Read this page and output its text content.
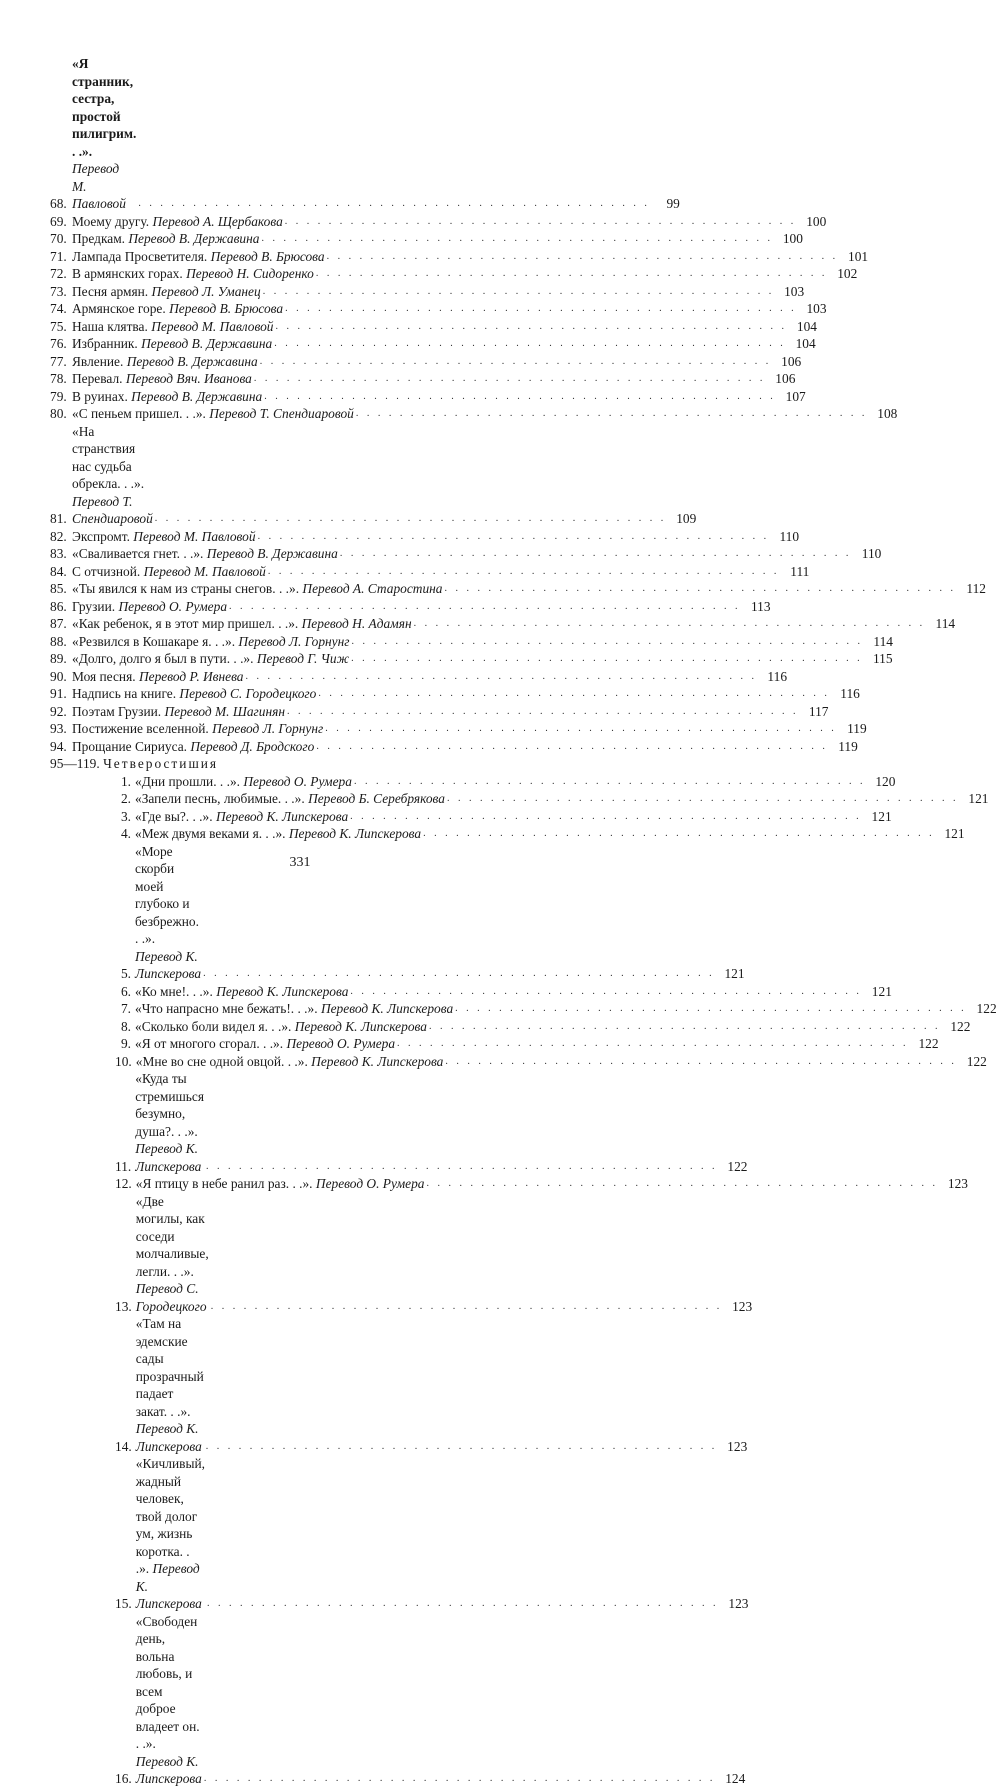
68.
«Я странник, сестра, простой пилигрим. . .». Перевод М. Павловой	. . . . . . . . . . . . . . . . . . . . . . . . . . . . . . . . . . . . . . . . . . . . . . .	99
69. Моему другу. Перевод А. Щербакова . . . . . . . . . . . . . . . . . . . . . . . . . . . . . . . . . . . . . . . . . . . . . . . 100
70. Предкам. Перевод В. Державина . . . . . . . . . . . . . . . . . . . . . . . . . . . . . . . . . . . . . . . . . . . . . . . 100
71. Лампада Просветителя. Перевод В. Брюсова . . . . . . . . . . . . . . . . . . . . . . . . . . . . . . . . . . . . . . . . . . . . . . . 101
72. В армянских горах. Перевод Н. Сидоренко . . . . . . . . . . . . . . . . . . . . . . . . . . . . . . . . . . . . . . . . . . . . . . . 102
73. Песня армян. Перевод Л. Уманец . . . . . . . . . . . . . . . . . . . . . . . . . . . . . . . . . . . . . . . . . . . . . . . 103
74. Армянское горе. Перевод В. Брюсова . . . . . . . . . . . . . . . . . . . . . . . . . . . . . . . . . . . . . . . . . . . . . . . 103
75. Наша клятва. Перевод М. Павловой . . . . . . . . . . . . . . . . . . . . . . . . . . . . . . . . . . . . . . . . . . . . . . . 104
76. Избранник. Перевод В. Державина . . . . . . . . . . . . . . . . . . . . . . . . . . . . . . . . . . . . . . . . . . . . . . . 104
77. Явление. Перевод В. Державина . . . . . . . . . . . . . . . . . . . . . . . . . . . . . . . . . . . . . . . . . . . . . . . 106
78. Перевал. Перевод Вяч. Иванова . . . . . . . . . . . . . . . . . . . . . . . . . . . . . . . . . . . . . . . . . . . . . . . 106
79. В руинах. Перевод В. Державина . . . . . . . . . . . . . . . . . . . . . . . . . . . . . . . . . . . . . . . . . . . . . . . 107
80. «С пеньем пришел. . .». Перевод Т. Спендиаровой . . . . . . . . . . . . . . . . . . . . . . . . . . . . . . . . . . . . . . . . . . . . . . . 108
81.
«На странствия нас судьба обрекла. . .». Перевод Т. Спендиаровой . . . . . . . . . . . . . . . . . . . . . . . . . . . . . . . . . . . . . . . . . . . . . . . 109
82. Экспромт. Перевод М. Павловой . . . . . . . . . . . . . . . . . . . . . . . . . . . . . . . . . . . . . . . . . . . . . . . 110
83. «Сваливается гнет. . .». Перевод В. Державина . . . . . . . . . . . . . . . . . . . . . . . . . . . . . . . . . . . . . . . . . . . . . . . 110
84. С отчизной. Перевод М. Павловой . . . . . . . . . . . . . . . . . . . . . . . . . . . . . . . . . . . . . . . . . . . . . . . 111
85. «Ты явился к нам из страны снегов. . .». Перевод А. Старостина . . . . . . . . . . . . . . . . . . . . . . . . . . . . . . . . . . . . . . . . . . . . . . . 112
86. Грузии. Перевод О. Румера . . . . . . . . . . . . . . . . . . . . . . . . . . . . . . . . . . . . . . . . . . . . . . . 113
87. «Как ребенок, я в этот мир пришел. . .». Перевод Н. Адамян . . . . . . . . . . . . . . . . . . . . . . . . . . . . . . . . . . . . . . . . . . . . . . . 114
88. «Резвился в Кошакаре я. . .». Перевод Л. Горнунг . . . . . . . . . . . . . . . . . . . . . . . . . . . . . . . . . . . . . . . . . . . . . . . 114
89. «Долго, долго я был в пути. . .». Перевод Г. Чиж . . . . . . . . . . . . . . . . . . . . . . . . . . . . . . . . . . . . . . . . . . . . . . . 115
90. Моя песня. Перевод Р. Ивнева . . . . . . . . . . . . . . . . . . . . . . . . . . . . . . . . . . . . . . . . . . . . . . . 116
91. Надпись на книге. Перевод С. Городецкого . . . . . . . . . . . . . . . . . . . . . . . . . . . . . . . . . . . . . . . . . . . . . . . 116
92. Поэтам Грузии. Перевод М. Шагинян . . . . . . . . . . . . . . . . . . . . . . . . . . . . . . . . . . . . . . . . . . . . . . . 117
93. Постижение вселенной. Перевод Л. Горнунг . . . . . . . . . . . . . . . . . . . . . . . . . . . . . . . . . . . . . . . . . . . . . . . 119
94. Прощание Сириуса. Перевод Д. Бродского . . . . . . . . . . . . . . . . . . . . . . . . . . . . . . . . . . . . . . . . . . . . . . . 119
95—119. Четверостишия
1. «Дни прошли. . .». Перевод О. Румера . . . . . . . . . . . . . . . . . . . . . . . . . . . . . . . . . . . . . . . . . . . . . . . 120
2. «Запели песнь, любимые. . .». Перевод Б. Серебрякова . . . . . . . . . . . . . . . . . . . . . . . . . . . . . . . . . . . . . . . . . . . . . . . 121
3. «Где вы?. . .». Перевод К. Липскерова . . . . . . . . . . . . . . . . . . . . . . . . . . . . . . . . . . . . . . . . . . . . . . . 121
4. «Меж двумя веками я. . .». Перевод К. Липскерова . . . . . . . . . . . . . . . . . . . . . . . . . . . . . . . . . . . . . . . . . . . . . . . 121
5.
«Море скорби моей глубоко и безбрежно. . .». Перевод К. Липскерова . . . . . . . . . . . . . . . . . . . . . . . . . . . . . . . . . . . . . . . . . . . . . . . 121
6. «Ко мне!. . .». Перевод К. Липскерова . . . . . . . . . . . . . . . . . . . . . . . . . . . . . . . . . . . . . . . . . . . . . . . 121
7. «Что напрасно мне бежать!. . .». Перевод К. Липскерова . . . . . . . . . . . . . . . . . . . . . . . . . . . . . . . . . . . . . . . . . . . . . . . 122
8. «Сколько боли видел я. . .». Перевод К. Липскерова . . . . . . . . . . . . . . . . . . . . . . . . . . . . . . . . . . . . . . . . . . . . . . . 122
9. «Я от многого сгорал. . .». Перевод О. Румера . . . . . . . . . . . . . . . . . . . . . . . . . . . . . . . . . . . . . . . . . . . . . . . 122
10. «Мне во сне одной овцой. . .». Перевод К. Липскерова . . . . . . . . . . . . . . . . . . . . . . . . . . . . . . . . . . . . . . . . . . . . . . . 122
11.
«Куда ты стремишься безумно, душа?. . .». Перевод К. Липскерова . . . . . . . . . . . . . . . . . . . . . . . . . . . . . . . . . . . . . . . . . . . . . . . 122
12. «Я птицу в небе ранил раз. . .». Перевод О. Румера . . . . . . . . . . . . . . . . . . . . . . . . . . . . . . . . . . . . . . . . . . . . . . . 123
13.
«Две могилы, как соседи молчаливые, легли. . .». Перевод С. Городецкого . . . . . . . . . . . . . . . . . . . . . . . . . . . . . . . . . . . . . . . . . . . . . . . 123
14.
«Там на эдемские сады прозрачный падает закат. . .». Перевод К. Липскерова . . . . . . . . . . . . . . . . . . . . . . . . . . . . . . . . . . . . . . . . . . . . . . . 123
15.
«Кичливый, жадный человек, твой долог ум, жизнь коротка. . .». Перевод К. Липскерова . . . . . . . . . . . . . . . . . . . . . . . . . . . . . . . . . . . . . . . . . . . . . . . 123
16.
«Свободен день, вольна любовь, и всем доброе владеет он. . .». Перевод К. Липскерова . . . . . . . . . . . . . . . . . . . . . . . . . . . . . . . . . . . . . . . . . . . . . . . 124
331
